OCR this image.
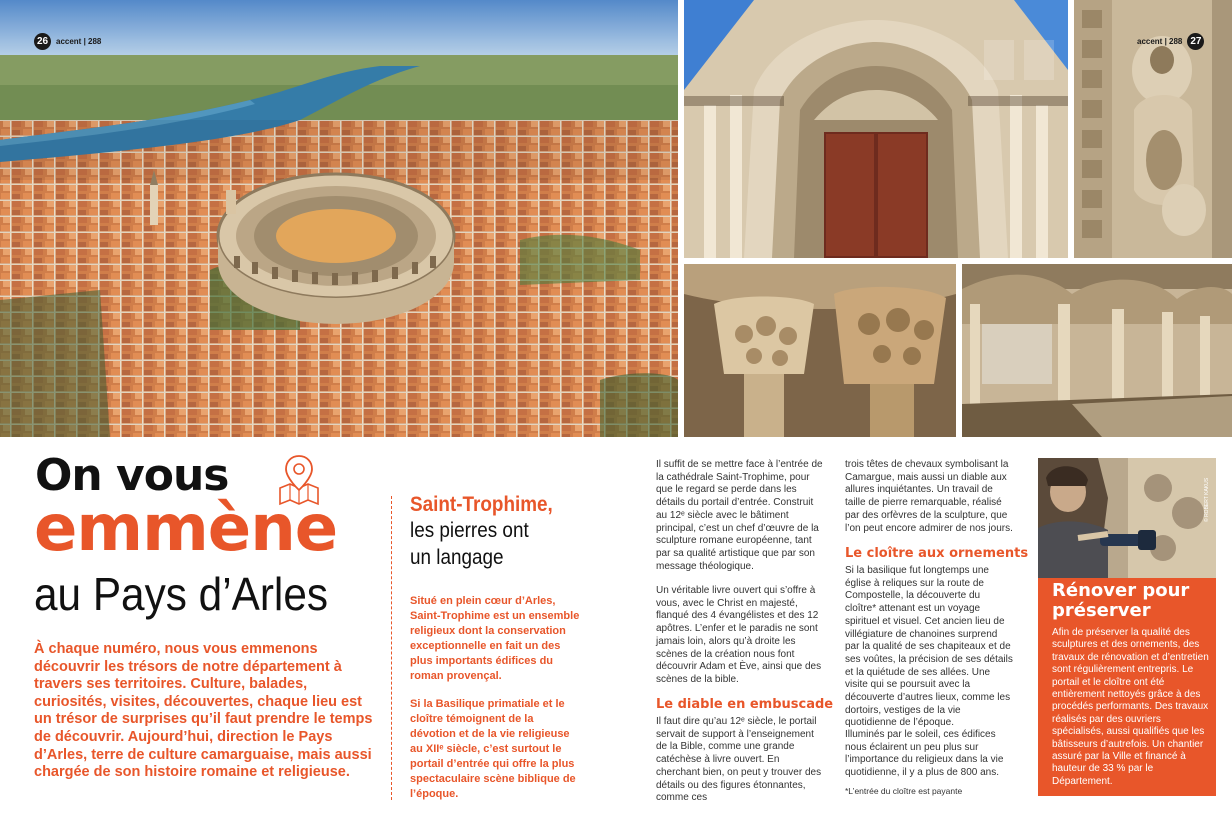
26 accent | 288	accent | 288 27
On vous
emmène
au Pays d’Arles

À chaque numéro, nous vous emmenons découvrir les trésors de notre département à travers ses territoires. Culture, balades, curiosités, visites, découvertes, chaque lieu est un trésor de surprises qu’il faut prendre le temps de découvrir. Aujourd’hui, direction le Pays d’Arles, terre de culture camarguaise, mais aussi chargée de son histoire romaine et religieuse.

Saint-Trophime,
les pierres ont un langage

Situé en plein cœur d’Arles, Saint-Trophime est un ensemble religieux dont la conservation exceptionnelle en fait un des plus importants édifices du roman provençal.

Si la Basilique primatiale et le cloître témoignent de la dévotion et de la vie religieuse au XIIᵉ siècle, c’est surtout le portail d’entrée qui offre la plus spectaculaire scène biblique de l’époque.

Il suffit de se mettre face à l’entrée de la cathédrale Saint-Trophime, pour que le regard se perde dans les détails du portail d’entrée. Construit au 12ᵉ siècle avec le bâtiment principal, c’est un chef d’œuvre de la sculpture romane européenne, tant par sa qualité artistique que par son message théologique.

Un véritable livre ouvert qui s’offre à vous, avec le Christ en majesté, flanqué des 4 évangélistes et des 12 apôtres. L’enfer et le paradis ne sont jamais loin, alors qu’à droite les scènes de la création nous font découvrir Adam et Ève, ainsi que des scènes de la bible.

Le diable en embuscade

Il faut dire qu’au 12ᵉ siècle, le portail servait de support à l’enseignement de la Bible, comme une grande catéchèse à livre ouvert. En cherchant bien, on peut y trouver des détails ou des figures étonnantes, comme ces

trois têtes de chevaux symbolisant la Camargue, mais aussi un diable aux allures inquiétantes. Un travail de taille de pierre remarquable, réalisé par des orfèvres de la sculpture, que l’on peut encore admirer de nos jours.

Le cloître aux ornements

Si la basilique fut longtemps une église à reliques sur la route de Compostelle, la découverte du cloître* attenant est un voyage spirituel et visuel. Cet ancien lieu de villégiature de chanoines surprend par la qualité de ses chapiteaux et de ses voûtes, la précision de ses détails et la quiétude de ses allées. Une visite qui se poursuit avec la découverte d’autres lieux, comme les dortoirs, vestiges de la vie quotidienne de l’époque.

Illuminés par le soleil, ces édifices nous éclairent un peu plus sur l’importance du religieux dans la vie quotidienne, il y a plus de 800 ans.

*L’entrée du cloître est payante
© ROBERT KAKUS
Rénover pour préserver

Afin de préserver la qualité des sculptures et des ornements, des travaux de rénovation et d’entretien sont régulièrement entrepris. Le portail et le cloître ont été entièrement nettoyés grâce à des procédés performants. Des travaux réalisés par des ouvriers spécialisés, aussi qualifiés que les bâtisseurs d’autrefois. Un chantier assuré par la Ville et financé à hauteur de 33 % par le Département.
